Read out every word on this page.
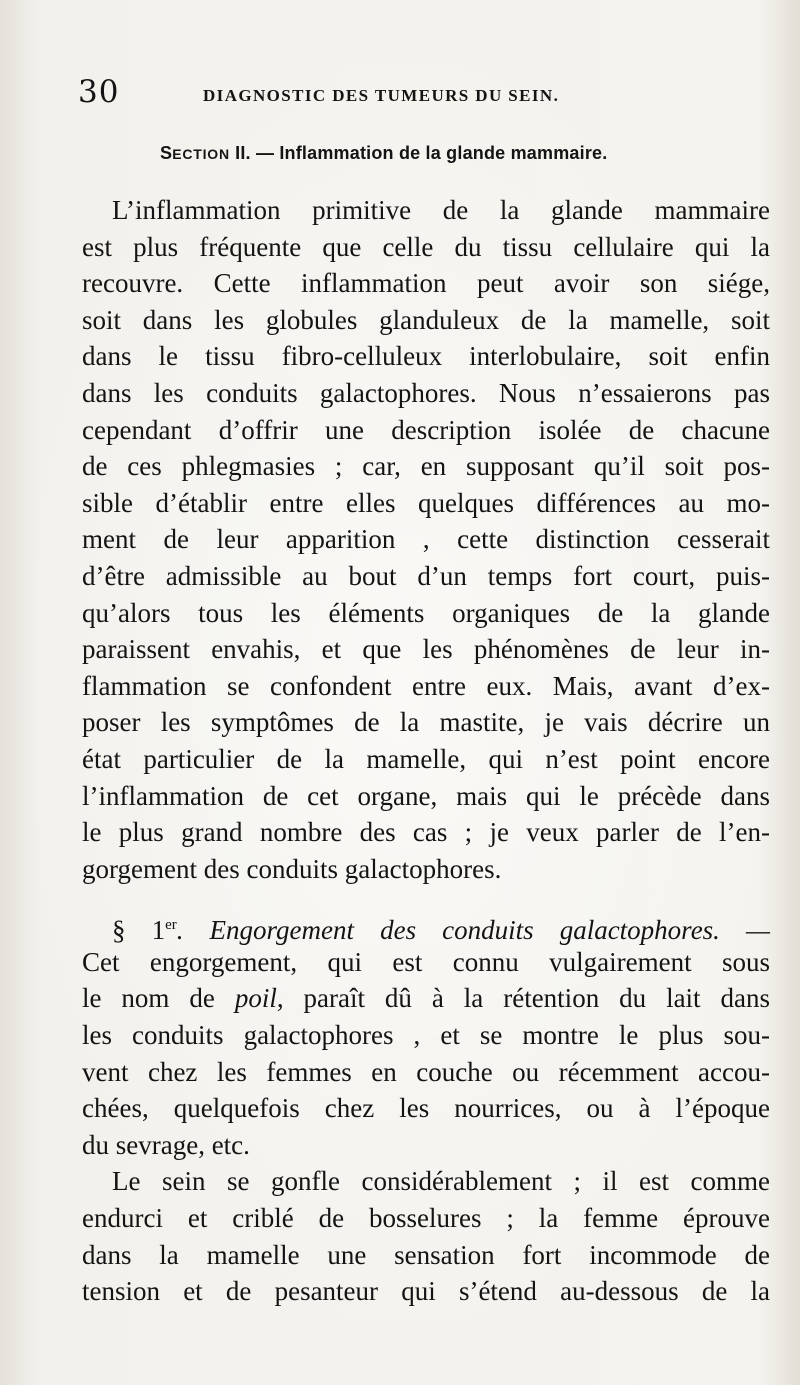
30	DIAGNOSTIC DES TUMEURS DU SEIN.
SECTION II. — Inflammation de la glande mammaire.
L’inflammation primitive de la glande mammaire
est plus fréquente que celle du tissu cellulaire qui la
recouvre. Cette inflammation peut avoir son siége,
soit dans les globules glanduleux de la mamelle, soit
dans le tissu fibro-celluleux interlobulaire, soit enfin
dans les conduits galactophores. Nous n’essaierons pas
cependant d’offrir une description isolée de chacune
de ces phlegmasies ; car, en supposant qu’il soit pos-
sible d’établir entre elles quelques différences au mo-
ment de leur apparition , cette distinction cesserait
d’être admissible au bout d’un temps fort court, puis-
qu’alors tous les éléments organiques de la glande
paraissent envahis, et que les phénomènes de leur in-
flammation se confondent entre eux. Mais, avant d’ex-
poser les symptômes de la mastite, je vais décrire un
état particulier de la mamelle, qui n’est point encore
l’inflammation de cet organe, mais qui le précède dans
le plus grand nombre des cas ; je veux parler de l’en-
gorgement des conduits galactophores.
§ 1er. Engorgement des conduits galactophores. —
Cet engorgement, qui est connu vulgairement sous
le nom de poil, paraît dû à la rétention du lait dans
les conduits galactophores , et se montre le plus sou-
vent chez les femmes en couche ou récemment accou-
chées, quelquefois chez les nourrices, ou à l’époque
du sevrage, etc.
Le sein se gonfle considérablement ; il est comme
endurci et criblé de bosselures ; la femme éprouve
dans la mamelle une sensation fort incommode de
tension et de pesanteur qui s’étend au-dessous de la
